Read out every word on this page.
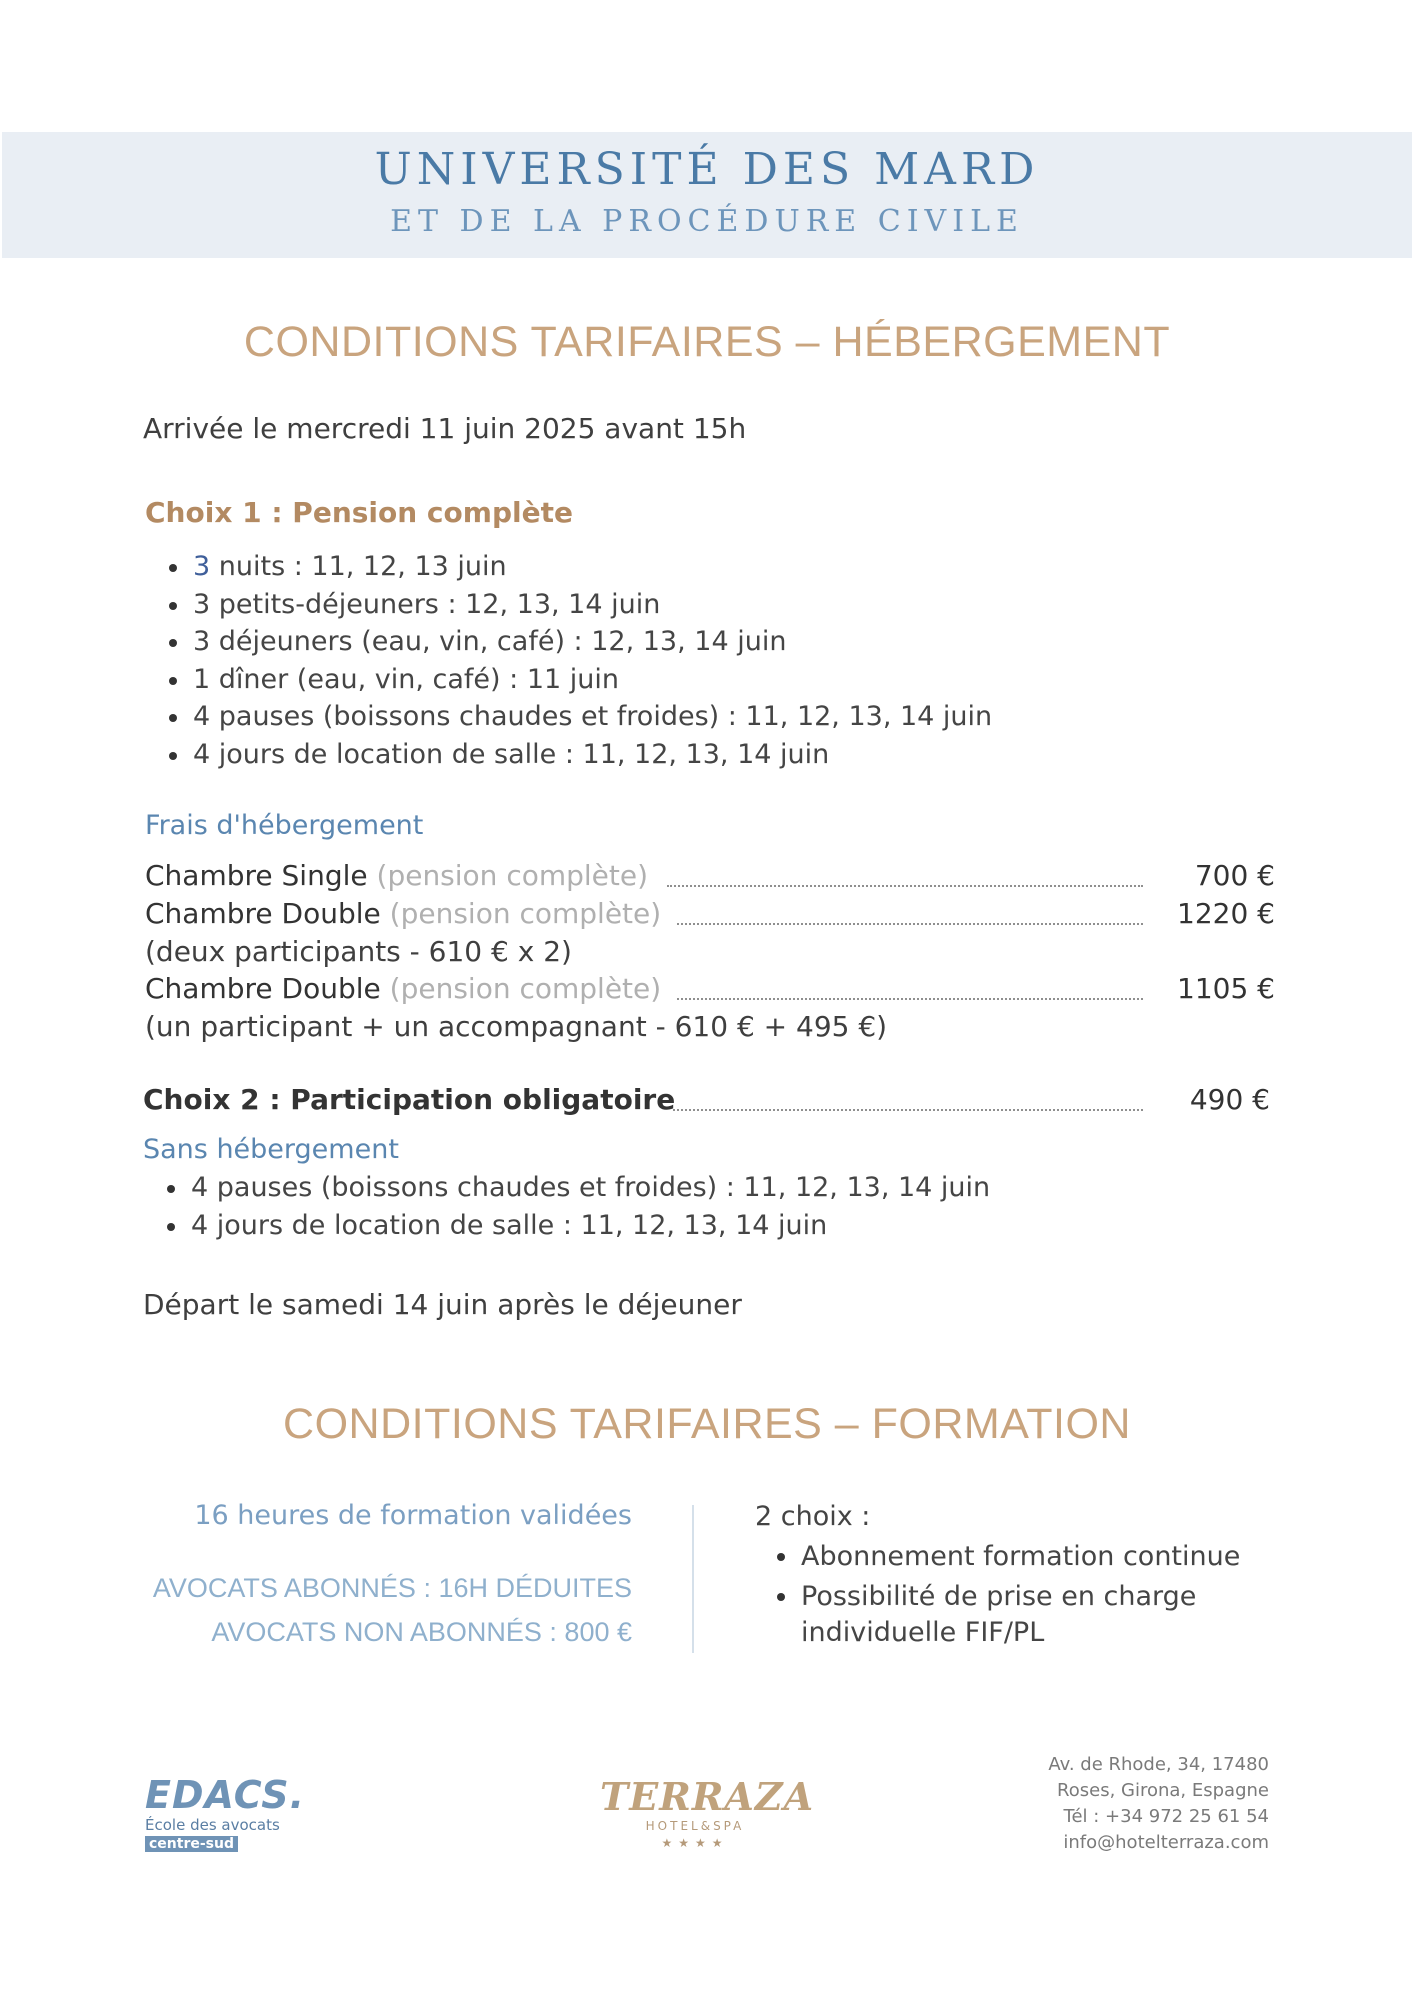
UNIVERSITÉ DES MARD
ET DE LA PROCÉDURE CIVILE
CONDITIONS TARIFAIRES – HÉBERGEMENT
Arrivée le mercredi 11 juin 2025 avant 15h
Choix 1 : Pension complète
3 nuits : 11, 12, 13 juin
3 petits-déjeuners : 12, 13, 14 juin
3 déjeuners (eau, vin, café) : 12, 13, 14 juin
1 dîner (eau, vin, café) : 11 juin
4 pauses (boissons chaudes et froides) : 11, 12, 13, 14 juin
4 jours de location de salle : 11, 12, 13, 14 juin
Frais d'hébergement
Chambre Single (pension complète)	700 €
Chambre Double (pension complète)	1220 €
(deux participants - 610 € x 2)
Chambre Double (pension complète)	1105 €
(un participant + un accompagnant - 610 € + 495 €)
Choix 2 : Participation obligatoire	490 €
Sans hébergement
4 pauses (boissons chaudes et froides) : 11, 12, 13, 14 juin
4 jours de location de salle : 11, 12, 13, 14 juin
Départ le samedi 14 juin après le déjeuner
CONDITIONS TARIFAIRES – FORMATION
16 heures de formation validées
AVOCATS ABONNÉS : 16H DÉDUITES
AVOCATS NON ABONNÉS : 800 €
2 choix :
Abonnement formation continue
Possibilité de prise en charge
individuelle FIF/PL
EDACS.
École des avocats
centre-sud
TERRAZA
HOTEL&SPA
★★★★
Av. de Rhode, 34, 17480
Roses, Girona, Espagne
Tél : +34 972 25 61 54
info@hotelterraza.com
